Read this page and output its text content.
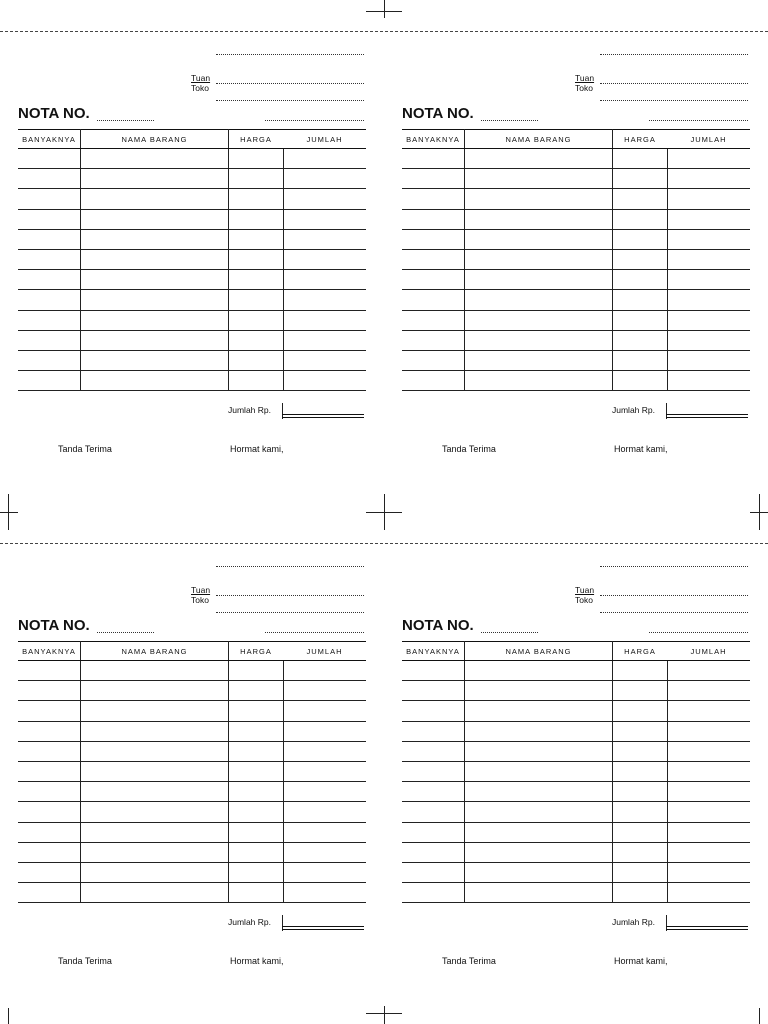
Tuan
Toko
NOTA NO.
BANYAKNYA	NAMA BARANG	HARGA	JUMLAH

Jumlah Rp.
Tanda Terima	Hormat kami,
Tuan
Toko
NOTA NO.
BANYAKNYA	NAMA BARANG	HARGA	JUMLAH

Jumlah Rp.
Tanda Terima	Hormat kami,
Tuan
Toko
NOTA NO.
BANYAKNYA	NAMA BARANG	HARGA	JUMLAH

Jumlah Rp.
Tanda Terima	Hormat kami,
Tuan
Toko
NOTA NO.
BANYAKNYA	NAMA BARANG	HARGA	JUMLAH

Jumlah Rp.
Tanda Terima	Hormat kami,
